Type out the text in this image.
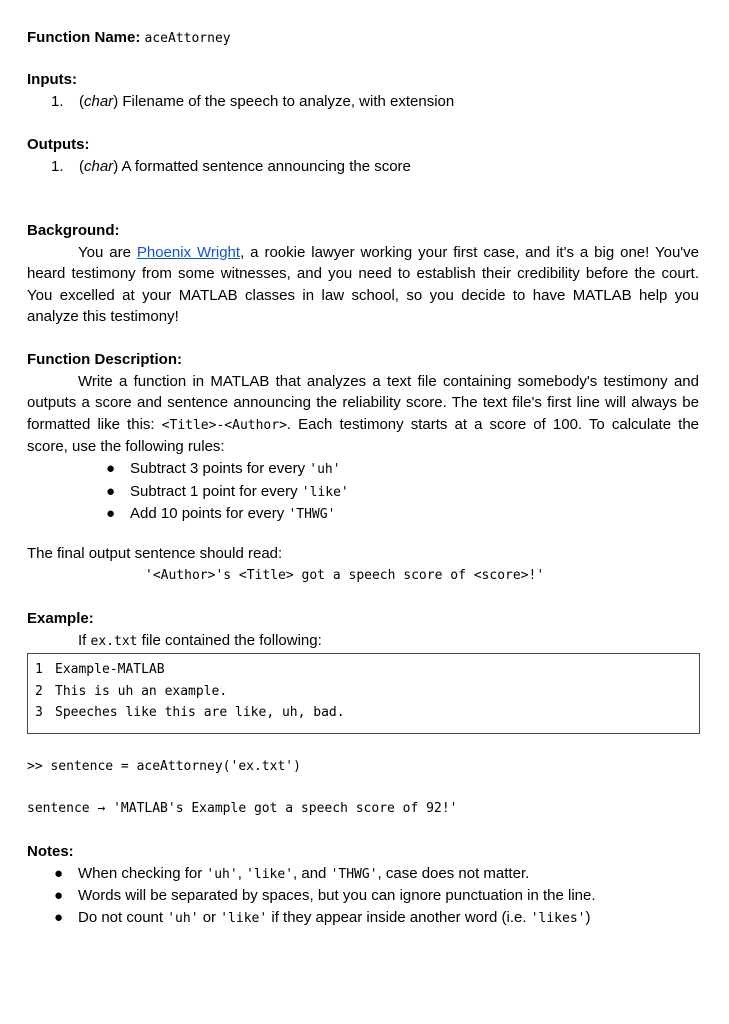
Function Name: aceAttorney
Inputs:
1.	(char) Filename of the speech to analyze, with extension
Outputs:
1.	(char) A formatted sentence announcing the score
Background:
You are Phoenix Wright, a rookie lawyer working your first case, and it's a big one! You've heard testimony from some witnesses, and you need to establish their credibility before the court. You excelled at your MATLAB classes in law school, so you decide to have MATLAB help you analyze this testimony!
Function Description:
Write a function in MATLAB that analyzes a text file containing somebody's testimony and outputs a score and sentence announcing the reliability score. The text file's first line will always be formatted like this: <Title>-<Author>. Each testimony starts at a score of 100. To calculate the score, use the following rules:
● Subtract 3 points for every 'uh'
● Subtract 1 point for every 'like'
● Add 10 points for every 'THWG'
The final output sentence should read:
'<Author>'s <Title> got a speech score of <score>!'
Example:
If ex.txt file contained the following:
1 Example-MATLAB
2 This is uh an example.
3 Speeches like this are like, uh, bad.
>> sentence = aceAttorney('ex.txt')
sentence → 'MATLAB's Example got a speech score of 92!'
Notes:
● When checking for 'uh', 'like', and 'THWG', case does not matter.
● Words will be separated by spaces, but you can ignore punctuation in the line.
● Do not count 'uh' or 'like' if they appear inside another word (i.e. 'likes')
